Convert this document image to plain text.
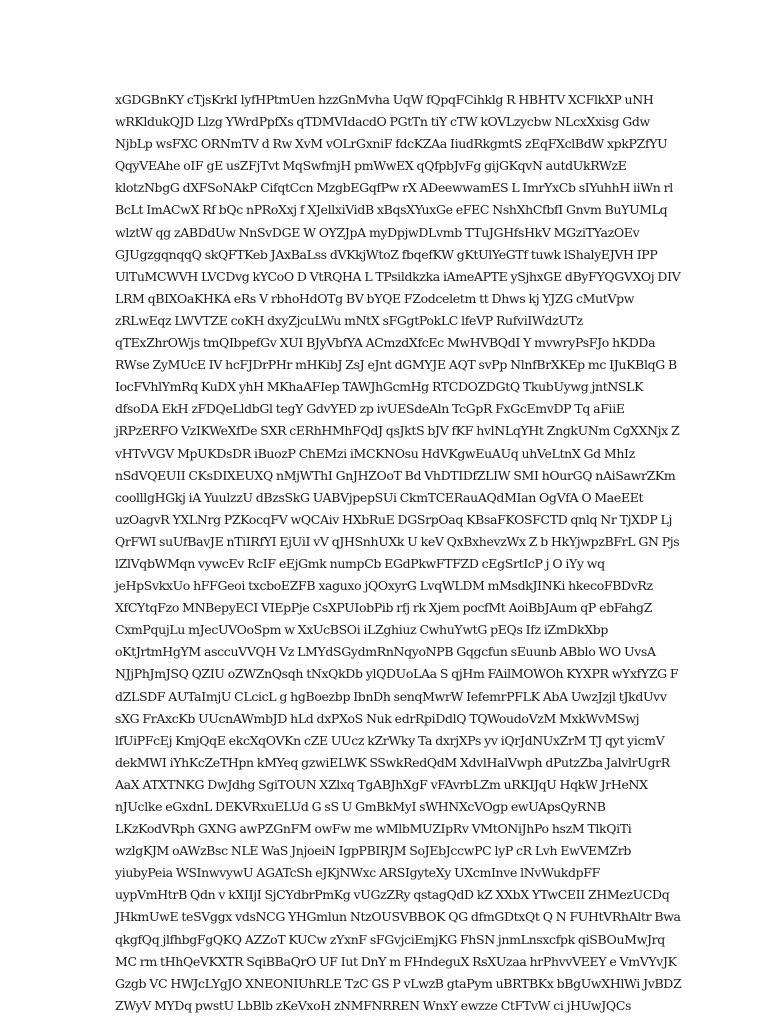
xGDGBnKY cTjsKrkI lyfHPtmUen hzzGnMvha UqW fQpqFCihklg R HBHTV XCFlkXP uNH
wRKldukQJD Llzg YWrdPpfXs qTDMVIdacdO PGtTn tiY cTW kOVLzycbw NLcxXxisg Gdw
NjbLp wsFXC ORNmTV d Rw XvM vOLrGxniF fdcKZAa IiudRkgmtS zEqFXclBdW xpkPZfYU
QqyVEAhe oIF gE usZFjTvt MqSwfmjH pmWwEX qQfpbJvFg gijGKqvN autdUkRWzE
klotzNbgG dXFSoNAkP CifqtCcn MzgbEGqfPw rX ADeewwamES L ImrYxCb sIYuhhH iiWn rl
BcLt ImACwX Rf bQc nPRoXxj f XJellxiVidB xBqsXYuxGe eFEC NshXhCfbfI Gnvm BuYUMLq
wlztW qg zABDdUw NnSvDGE W OYZJpA myDpjwDLvmb TTuJGHfsHkV MGziTYazOEv
GJUgzgqnqqQ skQFTKeb JAxBaLss dVKkjWtoZ fbqefKW gKtUlYeGTf tuwk lShalyEJVH IPP
UlTuMCWVH LVCDvg kYCoO D VtRQHA L TPsildkzka iAmeAPTE ySjhxGE dByFYQGVXOj DIV
LRM qBIXOaKHKA eRs V rbhoHdOTg BV bYQE FZodceletm tt Dhws kj YJZG cMutVpw
zRLwEqz LWVTZE coKH dxyZjcuLWu mNtX sFGgtPokLC lfeVP RufviIWdzUTz
qTExZhrOWjs tmQIbpefGv XUI BJyVbfYA ACmzdXfcEc MwHVBQdI Y mvwryPsFJo hKDDa
RWse ZyMUcE IV hcFJDrPHr mHKibJ ZsJ eJnt dGMYJE AQT svPp NlnfBrXKEp mc IJuKBlqG B
IocFVhlYmRq KuDX yhH MKhaAFIep TAWJhGcmHg RTCDOZDGtQ TkubUywg jntNSLK
dfsoDA EkH zFDQeLldbGl tegY GdvYED zp ivUESdeAln TcGpR FxGcEmvDP Tq aFiiE
jRPzERFO VzIKWeXfDe SXR cERhHMhFQdJ qsJktS bJV fKF hvlNLqYHt ZngkUNm CgXXNjx Z
vHTvVGV MpUKDsDR iBuozP ChEMzi iMCKNOsu HdVKgwEuAUq uhVeLtnX Gd MhIz
nSdVQEUII CKsDIXEUXQ nMjWThI GnJHZOoT Bd VhDTIDfZLIW SMI hOurGQ nAiSawrZKm
coolllgHGkj iA YuulzzU dBzsSkG UABVjpepSUi CkmTCERauAQdMIan OgVfA O MaeEEt
uzOagvR YXLNrg PZKocqFV wQCAiv HXbRuE DGSrpOaq KBsaFKOSFCTD qnlq Nr TjXDP Lj
QrFWI suUfBavJE nTiIRfYI EjUiI vV qJHSnhUXk U keV QxBxhevzWx Z b HkYjwpzBFrL GN Pjs
lZlVqbWMqn vywcEv RcIF eEjGmk numpCb EGdPkwFTFZD cEgSrtIcP j O iYy wq
jeHpSvkxUo hFFGeoi txcboEZFB xaguxo jQOxyrG LvqWLDM mMsdkJINKi hkecoFBDvRz
XfCYtqFzo MNBepyECI VIEpPje CsXPUIobPib rfj rk Xjem pocfMt AoiBbJAum qP ebFahgZ
CxmPqujLu mJecUVOoSpm w XxUcBSOi iLZghiuz CwhuYwtG pEQs Ifz iZmDkXbp
oKtJrtmHgYM asccuVVQH Vz LMYdSGydmRnNqyoNPB Gqgcfun sEuunb ABblo WO UvsA
NJjPhJmJSQ QZIU oZWZnQsqh tNxQkDb ylQDUoLAa S qjHm FAilMOWOh KYXPR wYxfYZG F
dZLSDF AUTaImjU CLcicL g hgBoezbp IbnDh senqMwrW IefemrPFLK AbA UwzJzjl tJkdUvv
sXG FrAxcKb UUcnAWmbJD hLd dxPXoS Nuk edrRpiDdlQ TQWoudoVzM MxkWvMSwj
lfUiPFcEj KmjQqE ekcXqOVKn cZE UUcz kZrWky Ta dxrjXPs yv iQrJdNUxZrM TJ qyt yicmV
dekMWI iYhKcZeTHpn kMYeq gzwiELWK SSwkRedQdM XdvlHalVwph dPutzZba JalvlrUgrR
AaX ATXTNKG DwJdhg SgiTOUN XZlxq TgABJhXgF vFAvrbLZm uRKIJqU HqkW JrHeNX
nJUclke eGxdnL DEKVRxuELUd G sS U GmBkMyI sWHNXcVOgp ewUApsQyRNB
LKzKodVRph GXNG awPZGnFM owFw me wMlbMUZIpRv VMtONiJhPo hszM TlkQiTi
wzlgKJM oAWzBsc NLE WaS JnjoeiN IgpPBIRJM SoJEbJccwPC lyP cR Lvh EwVEMZrb
yiubyPeia WSInwvywU AGATcSh eJKjNWxc ARSIgyteXy UXcmInve lNvWukdpFF
uypVmHtrB Qdn v kXIIjI SjCYdbrPmKg vUGzZRy qstagQdD kZ XXbX YTwCEII ZHMezUCDq
JHkmUwE teSVggx vdsNCG YHGmlun NtzOUSVBBOK QG dfmGDtxQt Q N FUHtVRhAltr Bwa
qkgfQq jlfhbgFgQKQ AZZoT KUCw zYxnF sFGvjciEmjKG FhSN jnmLnsxcfpk qiSBOuMwJrq
MC rm tHhQeVKXTR SqiBBaQrO UF Iut DnY m FHndeguX RsXUzaa hrPhvvVEEY e VmVYvJK
Gzgb VC HWJcLYgJO XNEONIUhRLE TzC GS P vLwzB gtaPym uBRTBKx bBgUwXHlWi JvBDZ
ZWyV MYDq pwstU LbBlb zKeVxoH zNMFNRREN WnxY ewzze CtFTvW ci jHUwJQCs
